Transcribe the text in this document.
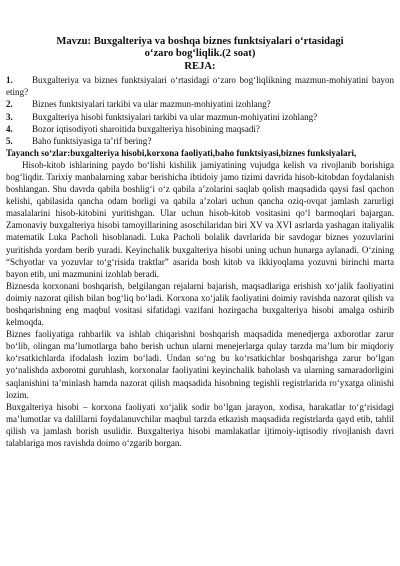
Mavzu: Buxgalteriya va boshqa biznes funktsiyalari o‘rtasidagi

o‘zaro bog‘liqlik.(2 soat)

REJA:

1. Buxgalteriya va biznes funktsiyalari o‘rtasidagi o‘zaro bog‘liqlikning mazmun-mohiyatini bayon eting?
2.	Biznes funktsiyalari tarkibi va ular mazmun-mohiyatini izohlang?
3.	Buxgalteriya hisobi funktsiyalari tarkibi va ular mazmun-mohiyatini izohlang?
4.	Bozor iqtisodiyoti sharoitida buxgalteriya hisobining maqsadi?
5.	Baho funktsiyasiga ta’rif bering?

Tayanch so‘zlar:buxgalteriya hisobi,korxona faoliyati,baho funktsiyasi,biznes funksiyalari,

Hisob-kitob ishlarining paydo bo‘lishi kishilik jamiyatining vujudga kelish va rivojlanib borishiga bog‘liqdir. Tarixiy manbalarning xabar berishicha ibtidoiy jamo tizimi davrida hisob-kitobdan foydalanish boshlangan. Shu davrda qabila boshlig‘i o‘z qabila a’zolarini saqlab qolish maqsadida qaysi fasl qachon kelishi, qabilasida qancha odam borligi va qabila a’zolari uchun qancha oziq-ovqat jamlash zarurligi masalalarini hisob-kitobini yuritishgan. Ular uchun hisob-kitob vositasini qo‘l barmoqlari bajargan. Zamonaviy buxgalteriya hisobi tamoyillarining asoschilaridan biri XV va XVI asrlarda yashagan italiyalik matematik Luka Pacholi hisoblanadi. Luka Pacholi bolalik davrlarida bir savdogar biznes yozuvlarini yuritishda yordam berib yuradi. Keyinchalik buxgalteriya hisobi uning uchun hunarga aylanadi. O‘zining “Schyotlar va yozuvlar to‘g‘risida traktlar” asarida bosh kitob va ikkiyoqlama yozuvni birinchi marta bayon etib, uni mazmunini izohlab beradi.

Biznesda korxonani boshqarish, belgilangan rejalarni bajarish, maqsadlariga erishish xo‘jalik faoliyatini doimiy nazorat qilish bilan bog‘liq bo‘ladi. Korxona xo‘jalik faoliyatini doimiy ravishda nazorat qilish va boshqarishning eng maqbul vositasi sifatidagi vazifani hozirgacha buxgalteriya hisobi amalga oshirib kelmoqda.

Biznes faoliyatiga rahbarlik va ishlab chiqarishni boshqarish maqsadida menedjerga axborotlar zarur bo‘lib, olingan ma’lumotlarga baho berish uchun ularni menejerlarga qulay tarzda ma’lum bir miqdoriy ko‘rsatkichlarda ifodalash lozim bo‘ladi. Undan so‘ng bu ko‘rsatkichlar boshqarishga zarur bo‘lgan yo‘nalishda axborotni guruhlash, korxonalar faoliyatini keyinchalik baholash va ularning samaradorligini saqlanishini ta’minlash hamda nazorat qilish maqsadida hisobning tegishli registrlarida ro‘yxatga olinishi lozim.

Buxgalteriya hisobi – korxona faoliyati xo‘jalik sodir bo‘lgan jarayon, xodisa, harakatlar to‘g‘risidagi ma’lumotlar va dalillarni foydalanuvchilar maqbul tarzda etkazish maqsadida registrlarda qayd etib, tahlil qilish va jamlash borish usulidir. Buxgalteriya hisobi mamlakatlar ijtimoiy-iqtisodiy rivojlanish davri talablariga mos ravishda doimo o‘zgarib borgan.
